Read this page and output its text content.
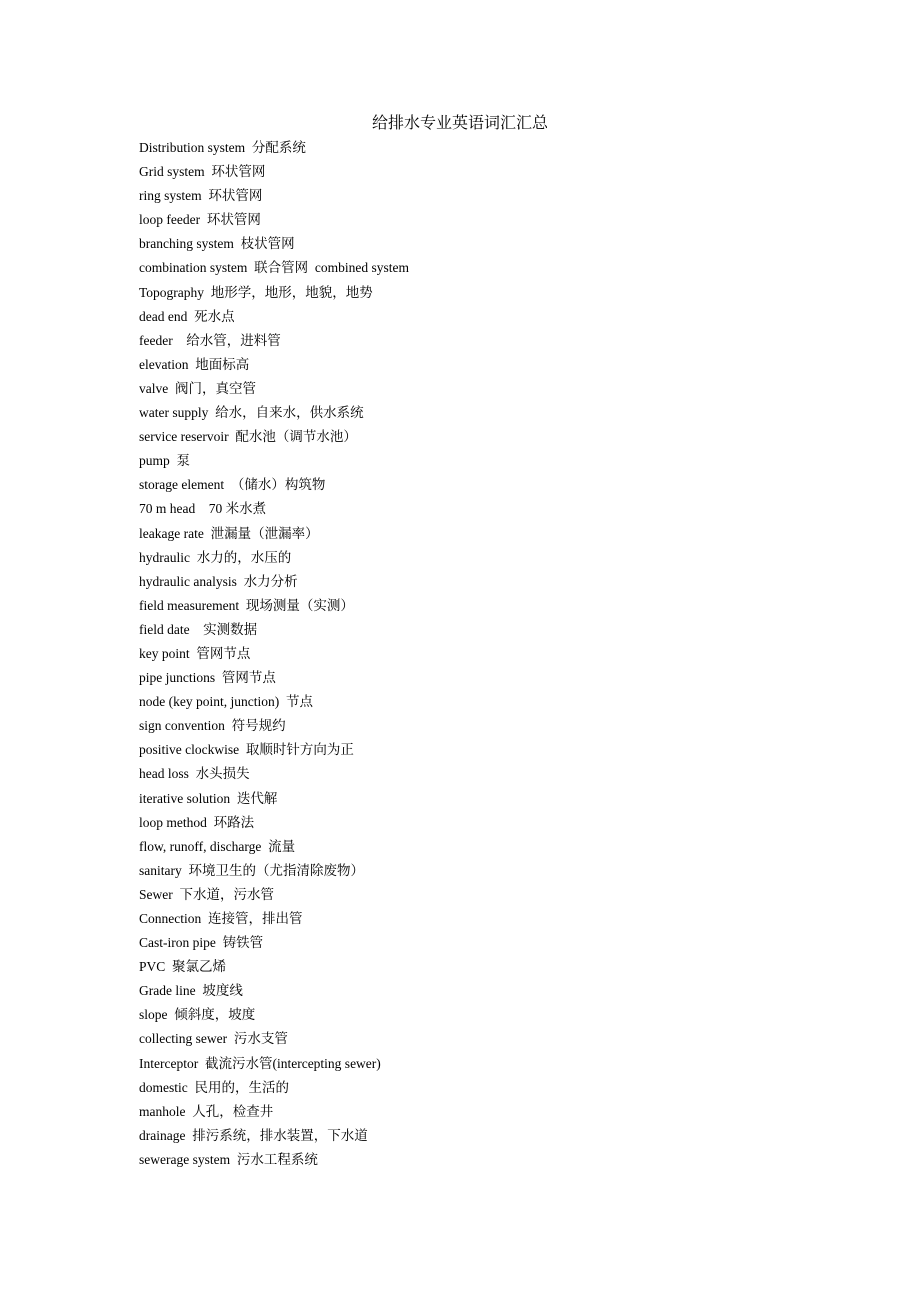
给排水专业英语词汇汇总
Distribution system  分配系统
Grid system  环状管网
ring system  环状管网
loop feeder  环状管网
branching system  枝状管网
combination system  联合管网  combined system
Topography  地形学，地形，地貌，地势
dead end  死水点
feeder    给水管，进料管
elevation  地面标高
valve  阀门，真空管
water supply  给水，自来水，供水系统
service reservoir  配水池（调节水池）
pump  泵
storage element  （储水）构筑物
70 m head    70 米水煮
leakage rate  泄漏量（泄漏率）
hydraulic  水力的，水压的
hydraulic analysis  水力分析
field measurement  现场测量（实测）
field date    实测数据
key point  管网节点
pipe junctions  管网节点
node (key point, junction)  节点
sign convention  符号规约
positive clockwise  取顺时针方向为正
head loss  水头损失
iterative solution  迭代解
loop method  环路法
flow, runoff, discharge  流量
sanitary  环境卫生的（尤指清除废物）
Sewer  下水道，污水管
Connection  连接管，排出管
Cast-iron pipe  铸铁管
PVC  聚氯乙烯
Grade line  坡度线
slope  倾斜度，坡度
collecting sewer  污水支管
Interceptor  截流污水管(intercepting sewer)
domestic  民用的，生活的
manhole  人孔，检查井
drainage  排污系统，排水装置，下水道
sewerage system  污水工程系统
